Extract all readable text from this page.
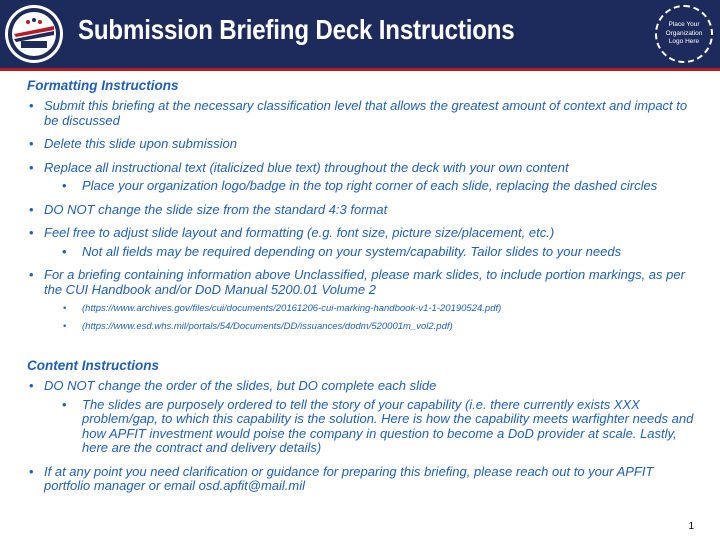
Submission Briefing Deck Instructions	Place Your
Organization
Logo Here
Formatting Instructions
• Submit this briefing at the necessary classification level that allows the greatest amount of context and impact to be discussed
• Delete this slide upon submission
• Replace all instructional text (italicized blue text) throughout the deck with your own content
• Place your organization logo/badge in the top right corner of each slide, replacing the dashed circles
• DO NOT change the slide size from the standard 4:3 format
• Feel free to adjust slide layout and formatting (e.g. font size, picture size/placement, etc.)
• Not all fields may be required depending on your system/capability. Tailor slides to your needs
• For a briefing containing information above Unclassified, please mark slides, to include portion markings, as per the CUI Handbook and/or DoD Manual 5200.01 Volume 2
• (https://www.archives.gov/files/cui/documents/20161206-cui-marking-handbook-v1-1-20190524.pdf)
• (https://www.esd.whs.mil/portals/54/Documents/DD/issuances/dodm/520001m_vol2.pdf)
Content Instructions
• DO NOT change the order of the slides, but DO complete each slide
• The slides are purposely ordered to tell the story of your capability (i.e. there currently exists XXX problem/gap, to which this capability is the solution. Here is how the capability meets warfighter needs and how APFIT investment would poise the company in question to become a DoD provider at scale. Lastly, here are the contract and delivery details)
• If at any point you need clarification or guidance for preparing this briefing, please reach out to your APFIT portfolio manager or email osd.apfit@mail.mil
1
